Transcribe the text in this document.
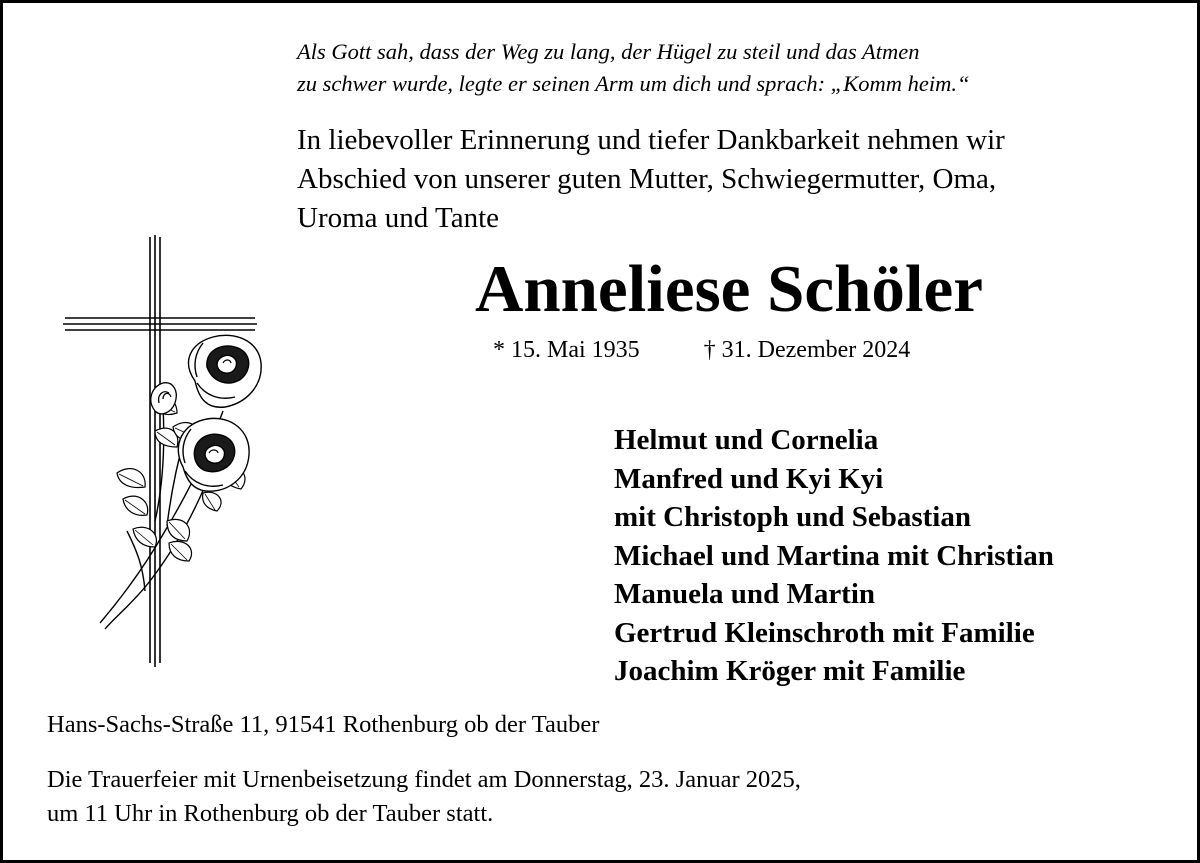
Als Gott sah, dass der Weg zu lang, der Hügel zu steil und das Atmen
zu schwer wurde, legte er seinen Arm um dich und sprach: „Komm heim.“
In liebevoller Erinnerung und tiefer Dankbarkeit nehmen wir
Abschied von unserer guten Mutter, Schwiegermutter, Oma,
Uroma und Tante
Anneliese Schöler
* 15. Mai 1935	† 31. Dezember 2024
Helmut und Cornelia
Manfred und Kyi Kyi
mit Christoph und Sebastian
Michael und Martina mit Christian
Manuela und Martin
Gertrud Kleinschroth mit Familie
Joachim Kröger mit Familie
Hans-Sachs-Straße 11, 91541 Rothenburg ob der Tauber
Die Trauerfeier mit Urnenbeisetzung findet am Donnerstag, 23. Januar 2025,
um 11 Uhr in Rothenburg ob der Tauber statt.
